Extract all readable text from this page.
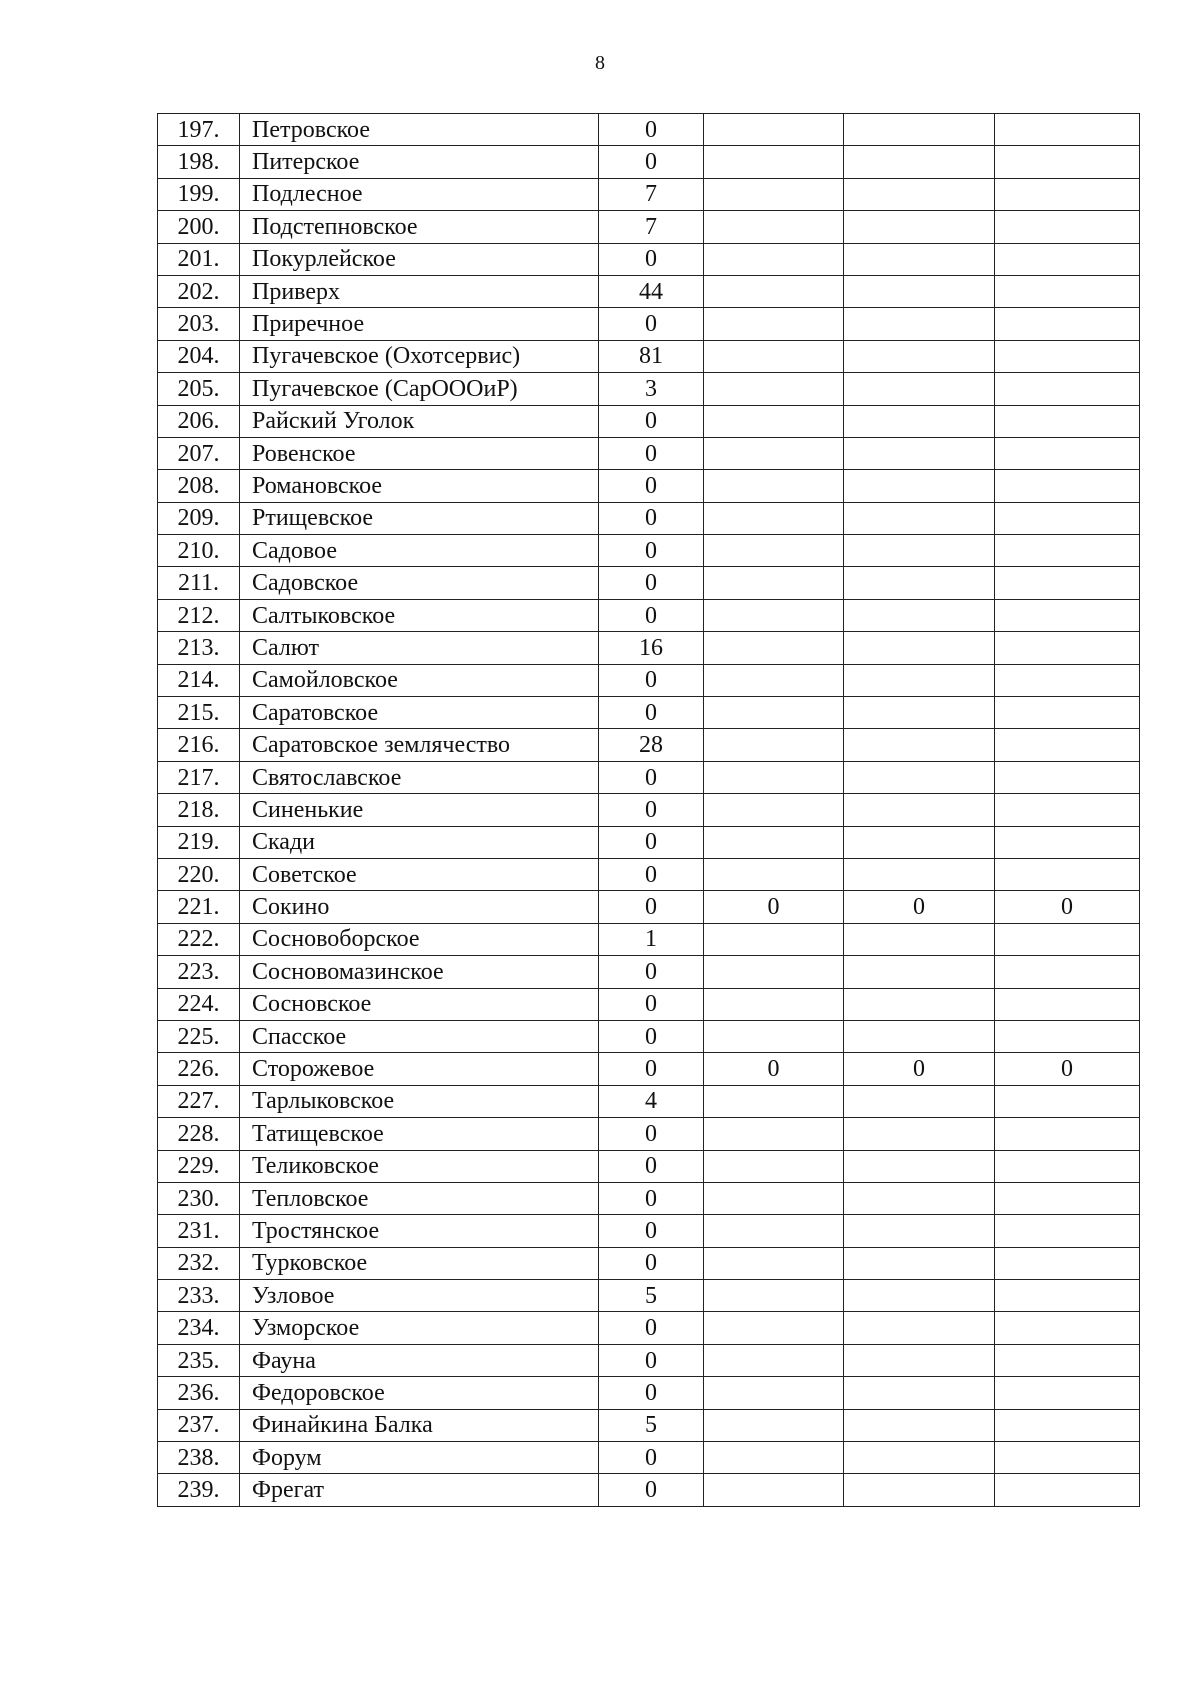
8
197.	Петровское	0			
198.	Питерское	0			
199.	Подлесное	7			
200.	Подстепновское	7			
201.	Покурлейское	0			
202.	Приверх	44			
203.	Приречное	0			
204.	Пугачевское (Охотсервис)	81			
205.	Пугачевское (СарОООиР)	3			
206.	Райский Уголок	0			
207.	Ровенское	0			
208.	Романовское	0			
209.	Ртищевское	0			
210.	Садовое	0			
211.	Садовское	0			
212.	Салтыковское	0			
213.	Салют	16			
214.	Самойловское	0			
215.	Саратовское	0			
216.	Саратовское землячество	28			
217.	Святославское	0			
218.	Синенькие	0			
219.	Скади	0			
220.	Советское	0			
221.	Сокино	0	0	0	0
222.	Сосновоборское	1			
223.	Сосновомазинское	0			
224.	Сосновское	0			
225.	Спасское	0			
226.	Сторожевое	0	0	0	0
227.	Тарлыковское	4			
228.	Татищевское	0			
229.	Теликовское	0			
230.	Тепловское	0			
231.	Тростянское	0			
232.	Турковское	0			
233.	Узловое	5			
234.	Узморское	0			
235.	Фауна	0			
236.	Федоровское	0			
237.	Финайкина Балка	5			
238.	Форум	0			
239.	Фрегат	0			
